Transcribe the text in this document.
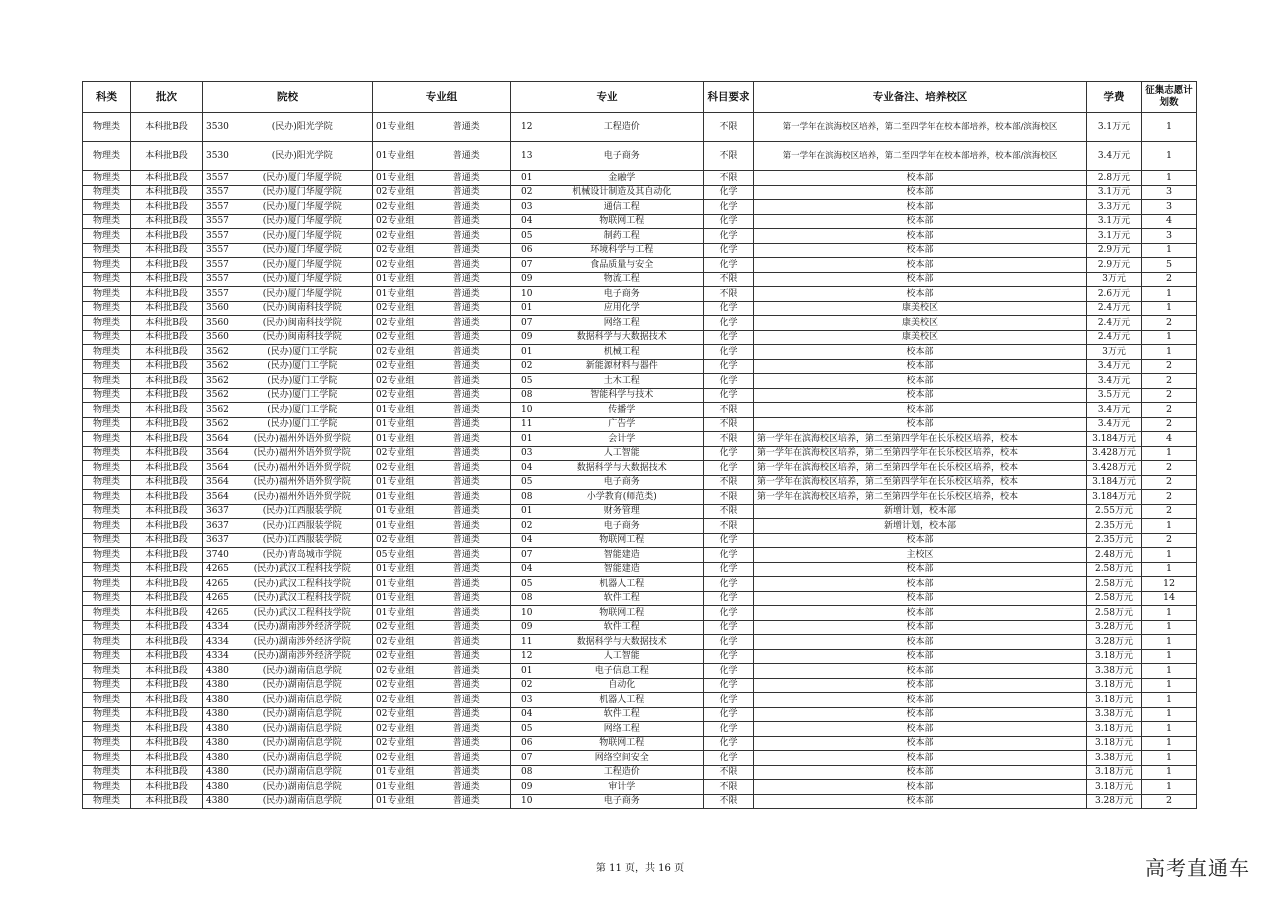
科类	批次	院校		专业组		专业		科目要求	专业备注、培养校区	学费	征集志愿计划数
物理类	本科批B段	3530	(民办)阳光学院	01专业组	普通类	12	工程造价	不限	第一学年在滨海校区培养，第二至四学年在校本部培养，校本部/滨海校区	3.1万元	1
物理类	本科批B段	3530	(民办)阳光学院	01专业组	普通类	13	电子商务	不限	第一学年在滨海校区培养，第二至四学年在校本部培养，校本部/滨海校区	3.4万元	1
物理类	本科批B段	3557	(民办)厦门华厦学院	01专业组	普通类	01	金融学	不限	校本部	2.8万元	1
物理类	本科批B段	3557	(民办)厦门华厦学院	02专业组	普通类	02	机械设计制造及其自动化	化学	校本部	3.1万元	3
物理类	本科批B段	3557	(民办)厦门华厦学院	02专业组	普通类	03	通信工程	化学	校本部	3.3万元	3
物理类	本科批B段	3557	(民办)厦门华厦学院	02专业组	普通类	04	物联网工程	化学	校本部	3.1万元	4
物理类	本科批B段	3557	(民办)厦门华厦学院	02专业组	普通类	05	制药工程	化学	校本部	3.1万元	3
物理类	本科批B段	3557	(民办)厦门华厦学院	02专业组	普通类	06	环境科学与工程	化学	校本部	2.9万元	1
物理类	本科批B段	3557	(民办)厦门华厦学院	02专业组	普通类	07	食品质量与安全	化学	校本部	2.9万元	5
物理类	本科批B段	3557	(民办)厦门华厦学院	01专业组	普通类	09	物流工程	不限	校本部	3万元	2
物理类	本科批B段	3557	(民办)厦门华厦学院	01专业组	普通类	10	电子商务	不限	校本部	2.6万元	1
物理类	本科批B段	3560	(民办)闽南科技学院	02专业组	普通类	01	应用化学	化学	康美校区	2.4万元	1
物理类	本科批B段	3560	(民办)闽南科技学院	02专业组	普通类	07	网络工程	化学	康美校区	2.4万元	2
物理类	本科批B段	3560	(民办)闽南科技学院	02专业组	普通类	09	数据科学与大数据技术	化学	康美校区	2.4万元	1
物理类	本科批B段	3562	(民办)厦门工学院	02专业组	普通类	01	机械工程	化学	校本部	3万元	1
物理类	本科批B段	3562	(民办)厦门工学院	02专业组	普通类	02	新能源材料与器件	化学	校本部	3.4万元	2
物理类	本科批B段	3562	(民办)厦门工学院	02专业组	普通类	05	土木工程	化学	校本部	3.4万元	2
物理类	本科批B段	3562	(民办)厦门工学院	02专业组	普通类	08	智能科学与技术	化学	校本部	3.5万元	2
物理类	本科批B段	3562	(民办)厦门工学院	01专业组	普通类	10	传播学	不限	校本部	3.4万元	2
物理类	本科批B段	3562	(民办)厦门工学院	01专业组	普通类	11	广告学	不限	校本部	3.4万元	2
物理类	本科批B段	3564	(民办)福州外语外贸学院	01专业组	普通类	01	会计学	不限	第一学年在滨海校区培养，第二至第四学年在长乐校区培养，校本	3.184万元	4
物理类	本科批B段	3564	(民办)福州外语外贸学院	02专业组	普通类	03	人工智能	化学	第一学年在滨海校区培养，第二至第四学年在长乐校区培养，校本	3.428万元	1
物理类	本科批B段	3564	(民办)福州外语外贸学院	02专业组	普通类	04	数据科学与大数据技术	化学	第一学年在滨海校区培养，第二至第四学年在长乐校区培养，校本	3.428万元	2
物理类	本科批B段	3564	(民办)福州外语外贸学院	01专业组	普通类	05	电子商务	不限	第一学年在滨海校区培养，第二至第四学年在长乐校区培养，校本	3.184万元	2
物理类	本科批B段	3564	(民办)福州外语外贸学院	01专业组	普通类	08	小学教育(师范类)	不限	第一学年在滨海校区培养，第二至第四学年在长乐校区培养，校本	3.184万元	2
物理类	本科批B段	3637	(民办)江西服装学院	01专业组	普通类	01	财务管理	不限	新增计划，校本部	2.55万元	2
物理类	本科批B段	3637	(民办)江西服装学院	01专业组	普通类	02	电子商务	不限	新增计划，校本部	2.35万元	1
物理类	本科批B段	3637	(民办)江西服装学院	02专业组	普通类	04	物联网工程	化学	校本部	2.35万元	2
物理类	本科批B段	3740	(民办)青岛城市学院	05专业组	普通类	07	智能建造	化学	主校区	2.48万元	1
物理类	本科批B段	4265	(民办)武汉工程科技学院	01专业组	普通类	04	智能建造	化学	校本部	2.58万元	1
物理类	本科批B段	4265	(民办)武汉工程科技学院	01专业组	普通类	05	机器人工程	化学	校本部	2.58万元	12
物理类	本科批B段	4265	(民办)武汉工程科技学院	01专业组	普通类	08	软件工程	化学	校本部	2.58万元	14
物理类	本科批B段	4265	(民办)武汉工程科技学院	01专业组	普通类	10	物联网工程	化学	校本部	2.58万元	1
物理类	本科批B段	4334	(民办)湖南涉外经济学院	02专业组	普通类	09	软件工程	化学	校本部	3.28万元	1
物理类	本科批B段	4334	(民办)湖南涉外经济学院	02专业组	普通类	11	数据科学与大数据技术	化学	校本部	3.28万元	1
物理类	本科批B段	4334	(民办)湖南涉外经济学院	02专业组	普通类	12	人工智能	化学	校本部	3.18万元	1
物理类	本科批B段	4380	(民办)湖南信息学院	02专业组	普通类	01	电子信息工程	化学	校本部	3.38万元	1
物理类	本科批B段	4380	(民办)湖南信息学院	02专业组	普通类	02	自动化	化学	校本部	3.18万元	1
物理类	本科批B段	4380	(民办)湖南信息学院	02专业组	普通类	03	机器人工程	化学	校本部	3.18万元	1
物理类	本科批B段	4380	(民办)湖南信息学院	02专业组	普通类	04	软件工程	化学	校本部	3.38万元	1
物理类	本科批B段	4380	(民办)湖南信息学院	02专业组	普通类	05	网络工程	化学	校本部	3.18万元	1
物理类	本科批B段	4380	(民办)湖南信息学院	02专业组	普通类	06	物联网工程	化学	校本部	3.18万元	1
物理类	本科批B段	4380	(民办)湖南信息学院	02专业组	普通类	07	网络空间安全	化学	校本部	3.38万元	1
物理类	本科批B段	4380	(民办)湖南信息学院	01专业组	普通类	08	工程造价	不限	校本部	3.18万元	1
物理类	本科批B段	4380	(民办)湖南信息学院	01专业组	普通类	09	审计学	不限	校本部	3.18万元	1
物理类	本科批B段	4380	(民办)湖南信息学院	01专业组	普通类	10	电子商务	不限	校本部	3.28万元	2
第 11 页，共 16 页	高考直通车
